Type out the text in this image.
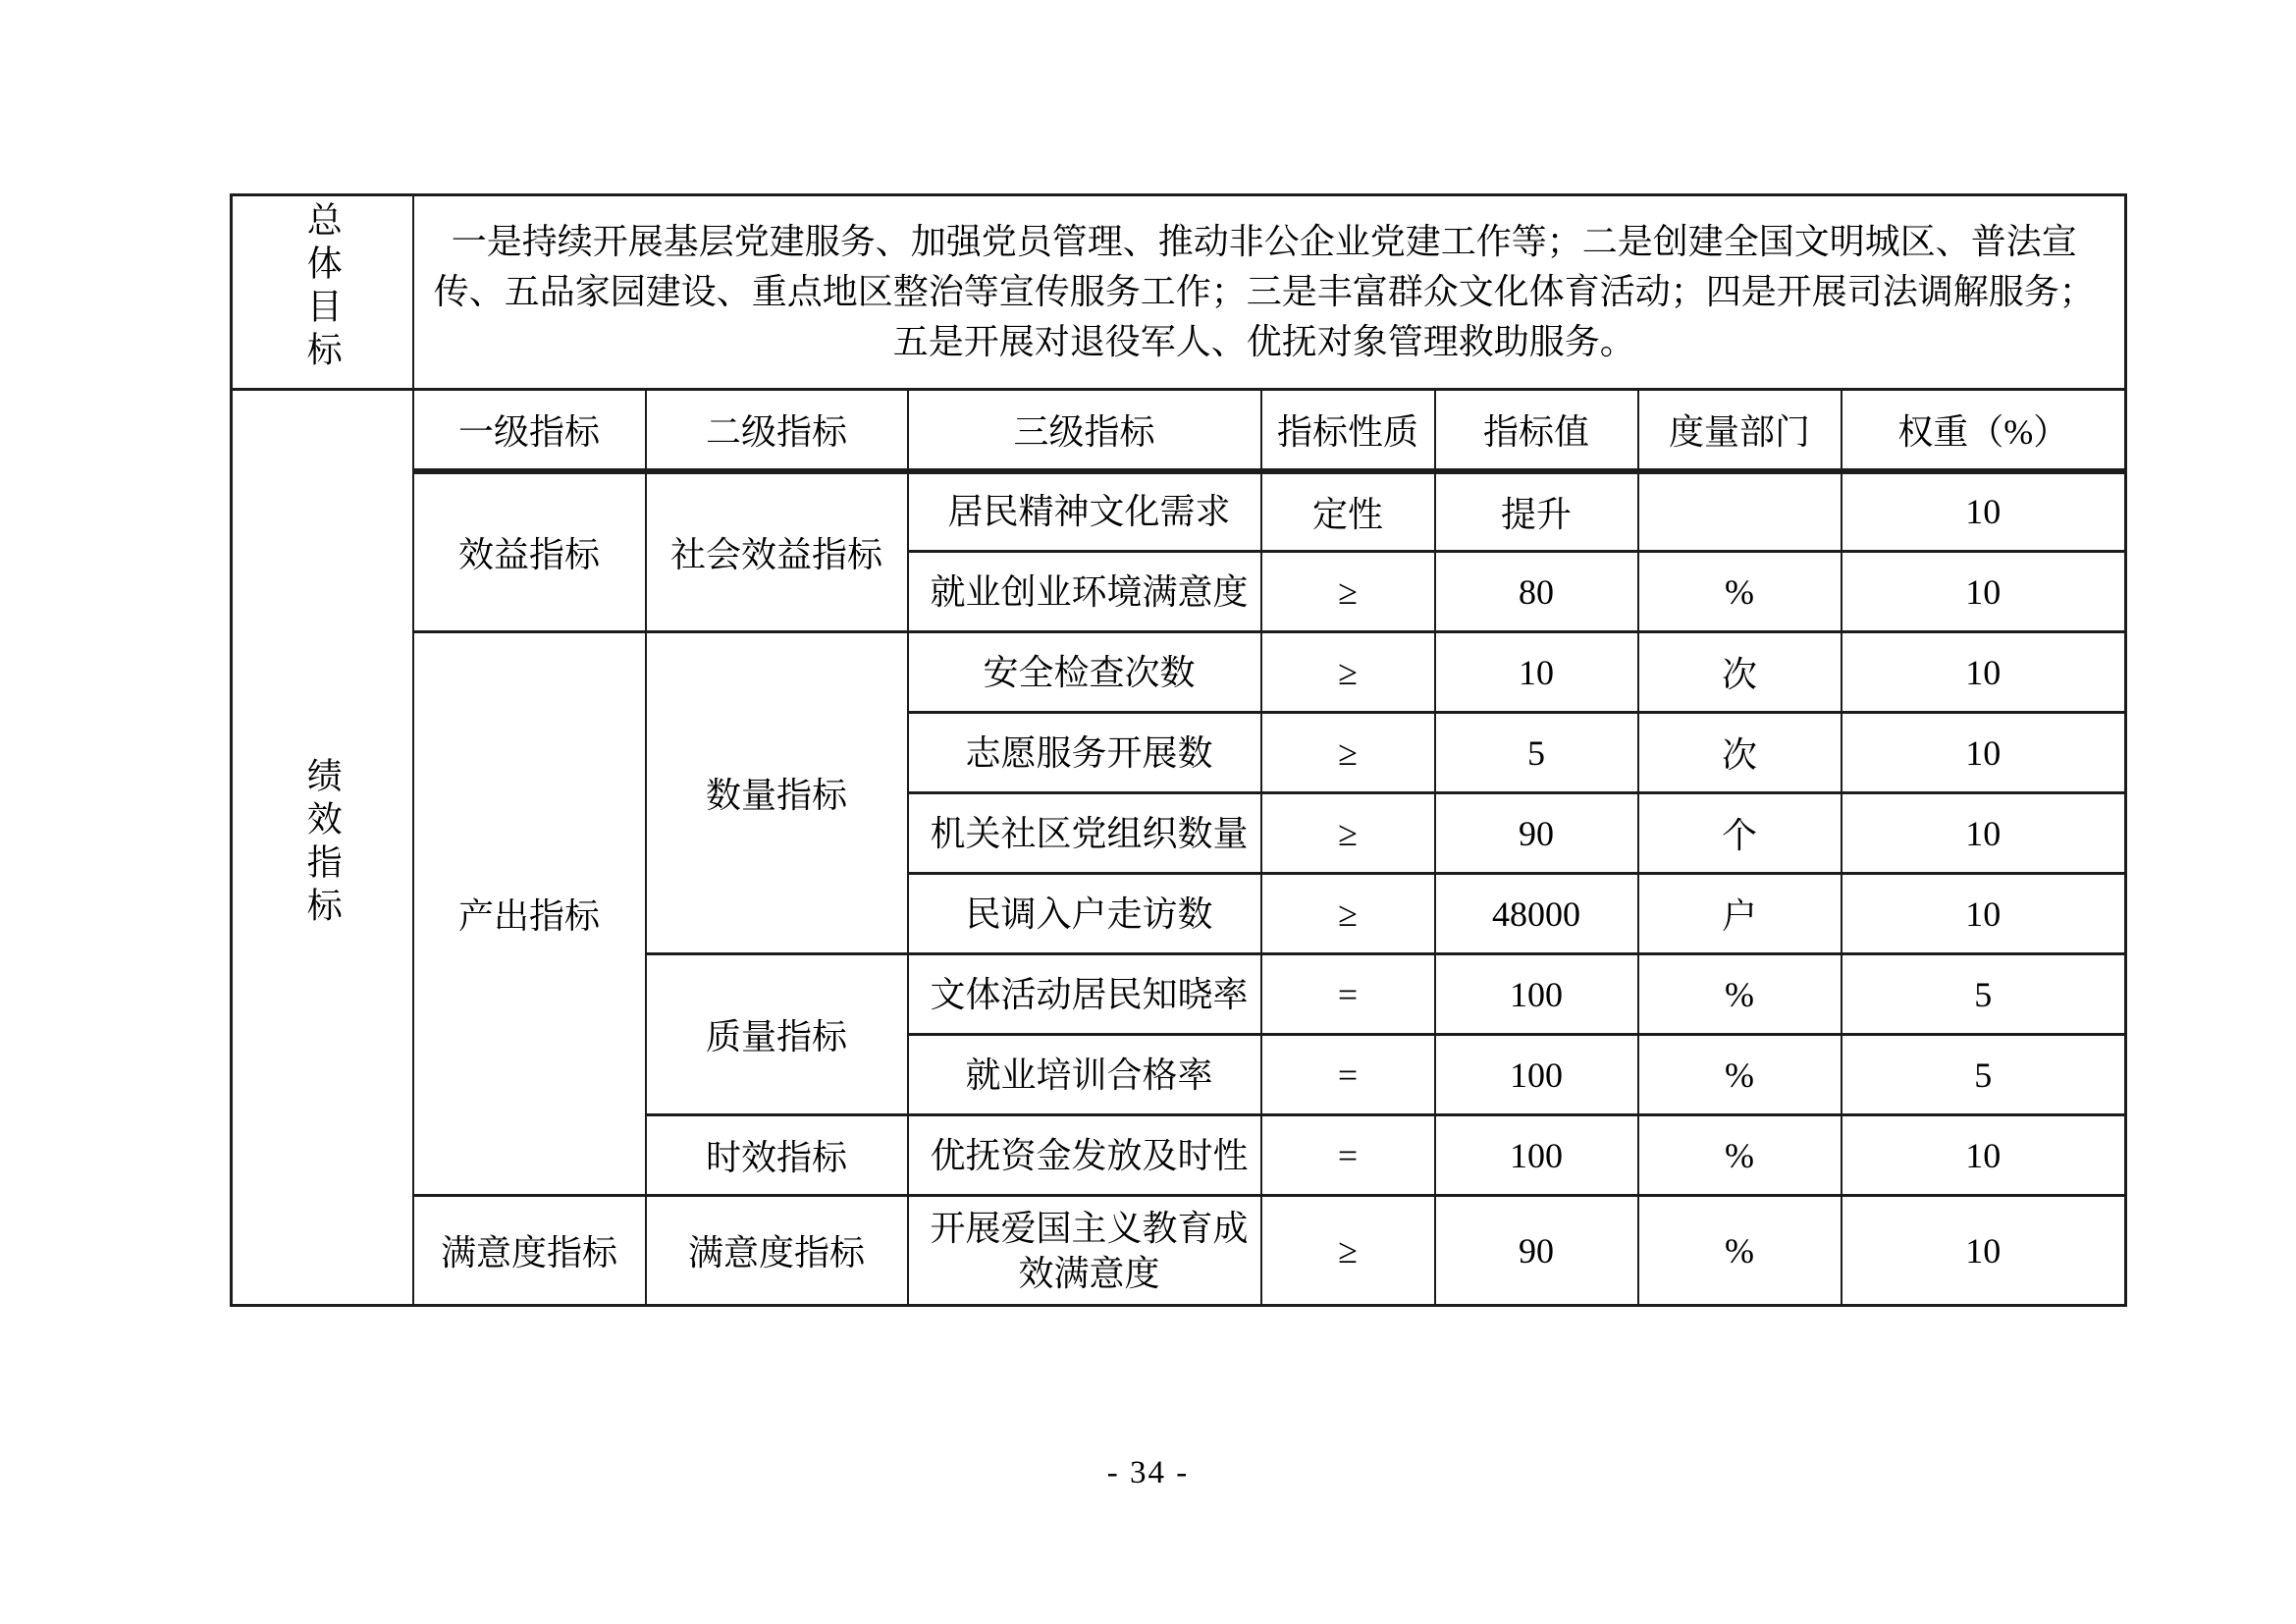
总体目标	一是持续开展基层党建服务、加强党员管理、推动非公企业党建工作等；二是创建全国文明城区、普法宣传、五品家园建设、重点地区整治等宣传服务工作；三是丰富群众文化体育活动；四是开展司法调解服务；五是开展对退役军人、优抚对象管理救助服务。						
绩效指标	一级指标	二级指标	三级指标	指标性质	指标值	度量部门	权重（%）
	效益指标	社会效益指标	居民精神文化需求	定性	提升		10
			就业创业环境满意度	≥	80	%	10
	产出指标	数量指标	安全检查次数	≥	10	次	10
			志愿服务开展数	≥	5	次	10
			机关社区党组织数量	≥	90	个	10
			民调入户走访数	≥	48000	户	10
		质量指标	文体活动居民知晓率	=	100	%	5
			就业培训合格率	=	100	%	5
		时效指标	优抚资金发放及时性	=	100	%	10
	满意度指标	满意度指标	开展爱国主义教育成效满意度	≥	90	%	10
- 34 -
